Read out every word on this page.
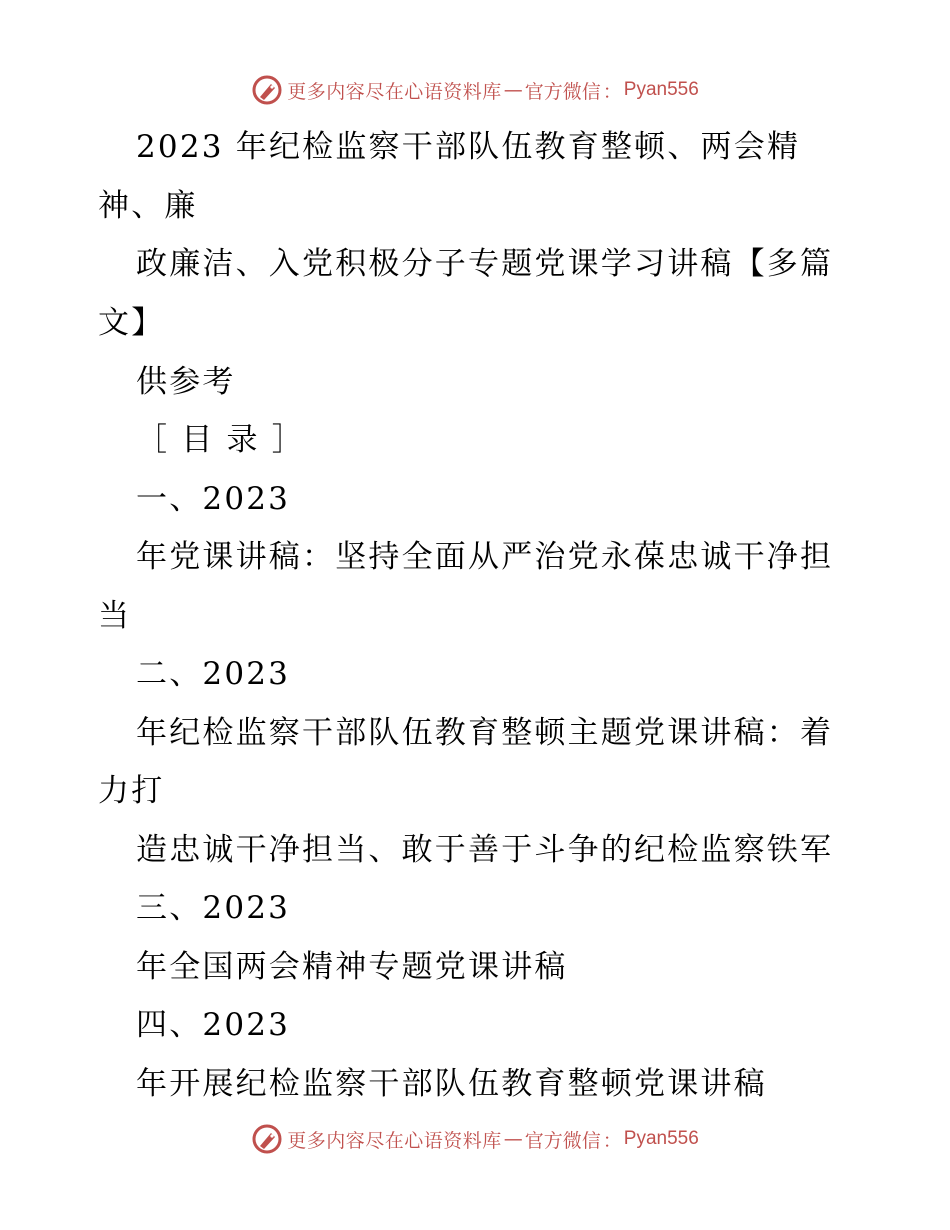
更多内容尽在心语资料库 — 官方微信 ： Pyan556
2023 年纪检监察干部队伍教育整顿、两会精
神、廉
政廉洁、入党积极分子专题党课学习讲稿【多篇
文】
供参考
［ 目 录 ］
一、2023
年党课讲稿：坚持全面从严治党永葆忠诚干净担
当
二、2023
年纪检监察干部队伍教育整顿主题党课讲稿：着
力打
造忠诚干净担当、敢于善于斗争的纪检监察铁军
三、2023
年全国两会精神专题党课讲稿
四、2023
年开展纪检监察干部队伍教育整顿党课讲稿
更多内容尽在心语资料库 — 官方微信 ： Pyan556
